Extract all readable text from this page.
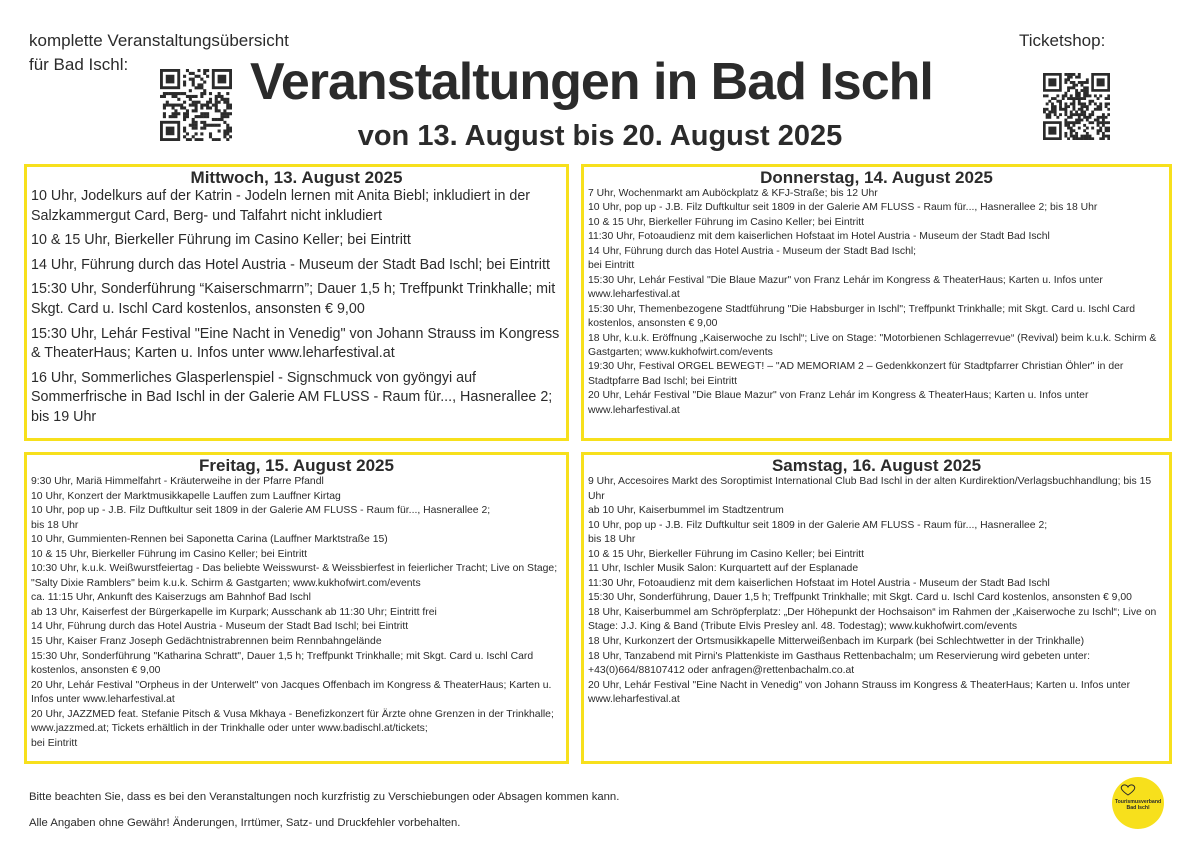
komplette Veranstaltungsübersicht
für Bad Ischl:	Veranstaltungen in Bad Ischl
von 13. August bis 20. August 2025
Ticketshop:
Mittwoch, 13. August 2025
10 Uhr, Jodelkurs auf der Katrin - Jodeln lernen mit Anita Biebl; inkludiert in der Salzkammergut Card, Berg- und Talfahrt nicht inkludiert
10 & 15 Uhr, Bierkeller Führung im Casino Keller; bei Eintritt
14 Uhr, Führung durch das Hotel Austria - Museum der Stadt Bad Ischl; bei Eintritt
15:30 Uhr, Sonderführung “Kaiserschmarrn”; Dauer 1,5 h; Treffpunkt Trinkhalle; mit Skgt. Card u. Ischl Card kostenlos, ansonsten € 9,00
15:30 Uhr, Lehár Festival "Eine Nacht in Venedig" von Johann Strauss im Kongress & TheaterHaus; Karten u. Infos unter www.leharfestival.at
16 Uhr, Sommerliches Glasperlenspiel - Signschmuck von gyöngyi auf Sommerfrische in Bad Ischl in der Galerie AM FLUSS - Raum für..., Hasnerallee 2; bis 19 Uhr
Donnerstag, 14. August 2025
7 Uhr, Wochenmarkt am Auböckplatz & KFJ-Straße; bis 12 Uhr
10 Uhr, pop up - J.B. Filz Duftkultur seit 1809 in der Galerie AM FLUSS - Raum für..., Hasnerallee 2; bis 18 Uhr
10 & 15 Uhr, Bierkeller Führung im Casino Keller; bei Eintritt
11:30 Uhr, Fotoaudienz mit dem kaiserlichen Hofstaat im Hotel Austria - Museum der Stadt Bad Ischl
14 Uhr, Führung durch das Hotel Austria - Museum der Stadt Bad Ischl;
bei Eintritt
15:30 Uhr, Lehár Festival "Die Blaue Mazur" von Franz Lehár im Kongress & TheaterHaus; Karten u. Infos unter www.leharfestival.at
15:30 Uhr, Themenbezogene Stadtführung "Die Habsburger in Ischl"; Treffpunkt Trinkhalle; mit Skgt. Card u. Ischl Card kostenlos, ansonsten € 9,00
18 Uhr, k.u.k. Eröffnung „Kaiserwoche zu Ischl“; Live on Stage: "Motorbienen Schlagerrevue“ (Revival) beim k.u.k. Schirm & Gastgarten; www.kukhofwirt.com/events
19:30 Uhr, Festival ORGEL BEWEGT! – "AD MEMORIAM 2 – Gedenkkonzert für Stadtpfarrer Christian Öhler" in der Stadtpfarre Bad Ischl; bei Eintritt
20 Uhr, Lehár Festival "Die Blaue Mazur" von Franz Lehár im Kongress & TheaterHaus; Karten u. Infos unter www.leharfestival.at
Freitag, 15. August 2025
9:30 Uhr, Mariä Himmelfahrt - Kräuterweihe in der Pfarre Pfandl
10 Uhr, Konzert der Marktmusikkapelle Lauffen zum Lauffner Kirtag
10 Uhr, pop up - J.B. Filz Duftkultur seit 1809 in der Galerie AM FLUSS - Raum für..., Hasnerallee 2;
bis 18 Uhr
10 Uhr, Gummienten-Rennen bei Saponetta Carina (Lauffner Marktstraße 15)
10 & 15 Uhr, Bierkeller Führung im Casino Keller; bei Eintritt
10:30 Uhr, k.u.k. Weißwurstfeiertag - Das beliebte Weisswurst- & Weissbierfest in feierlicher Tracht; Live on Stage; "Salty Dixie Ramblers" beim k.u.k. Schirm & Gastgarten; www.kukhofwirt.com/events
ca. 11:15 Uhr, Ankunft des Kaiserzugs am Bahnhof Bad Ischl
ab 13 Uhr, Kaiserfest der Bürgerkapelle im Kurpark; Ausschank ab 11:30 Uhr; Eintritt frei
14 Uhr, Führung durch das Hotel Austria - Museum der Stadt Bad Ischl; bei Eintritt
15 Uhr, Kaiser Franz Joseph Gedächtnistrabrennen beim Rennbahngelände
15:30 Uhr, Sonderführung "Katharina Schratt", Dauer 1,5 h; Treffpunkt Trinkhalle; mit Skgt. Card u. Ischl Card kostenlos, ansonsten € 9,00
20 Uhr, Lehár Festival "Orpheus in der Unterwelt" von Jacques Offenbach im Kongress & TheaterHaus; Karten u. Infos unter www.leharfestival.at
20 Uhr, JAZZMED feat. Stefanie Pitsch & Vusa Mkhaya - Benefizkonzert für Ärzte ohne Grenzen in der Trinkhalle; www.jazzmed.at; Tickets erhältlich in der Trinkhalle oder unter www.badischl.at/tickets;
bei Eintritt
Samstag, 16. August 2025
9 Uhr, Accesoires Markt des Soroptimist International Club Bad Ischl in der alten Kurdirektion/Verlagsbuchhandlung; bis 15 Uhr
ab 10 Uhr, Kaiserbummel im Stadtzentrum
10 Uhr, pop up - J.B. Filz Duftkultur seit 1809 in der Galerie AM FLUSS - Raum für..., Hasnerallee 2;
bis 18 Uhr
10 & 15 Uhr, Bierkeller Führung im Casino Keller; bei Eintritt
11 Uhr, Ischler Musik Salon: Kurquartett auf der Esplanade
11:30 Uhr, Fotoaudienz mit dem kaiserlichen Hofstaat im Hotel Austria - Museum der Stadt Bad Ischl
15:30 Uhr, Sonderführung, Dauer 1,5 h; Treffpunkt Trinkhalle; mit Skgt. Card u. Ischl Card kostenlos, ansonsten € 9,00
18 Uhr, Kaiserbummel am Schröpferplatz: „Der Höhepunkt der Hochsaison“ im Rahmen der „Kaiserwoche zu Ischl“; Live on Stage: J.J. King & Band (Tribute Elvis Presley anl. 48. Todestag); www.kukhofwirt.com/events
18 Uhr, Kurkonzert der Ortsmusikkapelle Mitterweißenbach im Kurpark (bei Schlechtwetter in der Trinkhalle)
18 Uhr, Tanzabend mit Pirni's Plattenkiste im Gasthaus Rettenbachalm; um Reservierung wird gebeten unter: +43(0)664/88107412 oder anfragen@rettenbachalm.co.at
20 Uhr, Lehár Festival "Eine Nacht in Venedig" von Johann Strauss im Kongress & TheaterHaus; Karten u. Infos unter www.leharfestival.at
Bitte beachten Sie, dass es bei den Veranstaltungen noch kurzfristig zu Verschiebungen oder Absagen kommen kann.
Alle Angaben ohne Gewähr! Änderungen, Irrtümer, Satz- und Druckfehler vorbehalten.
Tourismusverband
Bad Ischl
